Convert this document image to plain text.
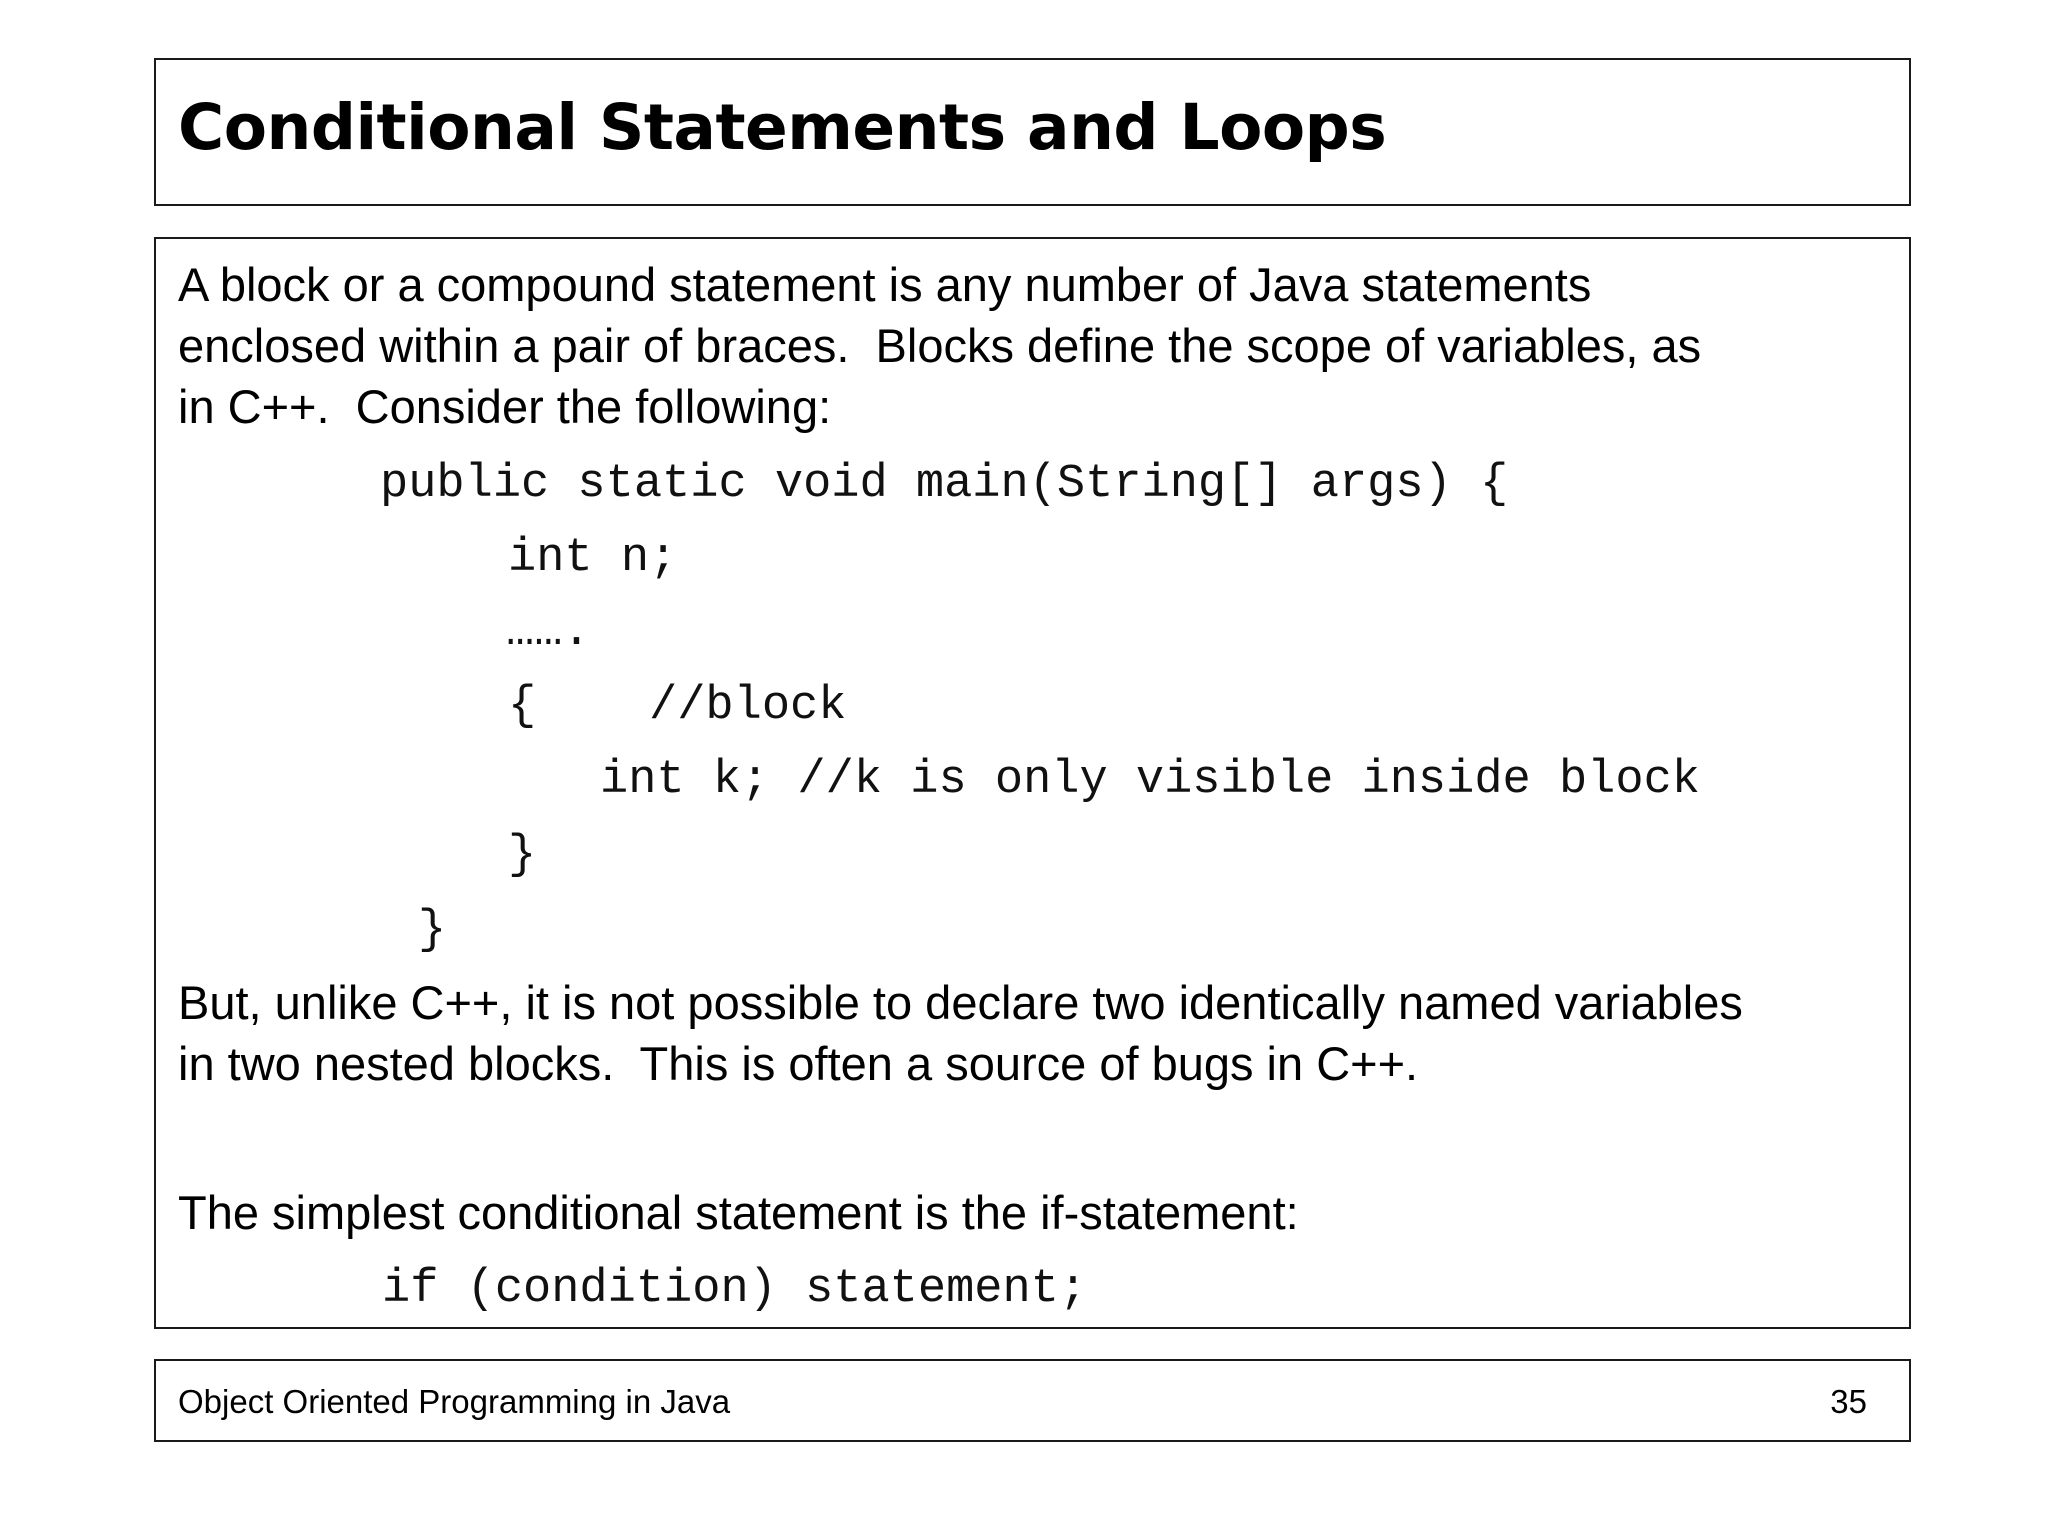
Conditional Statements and Loops
A block or a compound statement is any number of Java statements
enclosed within a pair of braces.  Blocks define the scope of variables, as
in C++.  Consider the following:
public static void main(String[] args) {
int n;
…….
{    //block
int k; //k is only visible inside block
}
}
But, unlike C++, it is not possible to declare two identically named variables
in two nested blocks.  This is often a source of bugs in C++.
The simplest conditional statement is the if-statement:
if (condition) statement;
Object Oriented Programming in Java	35
